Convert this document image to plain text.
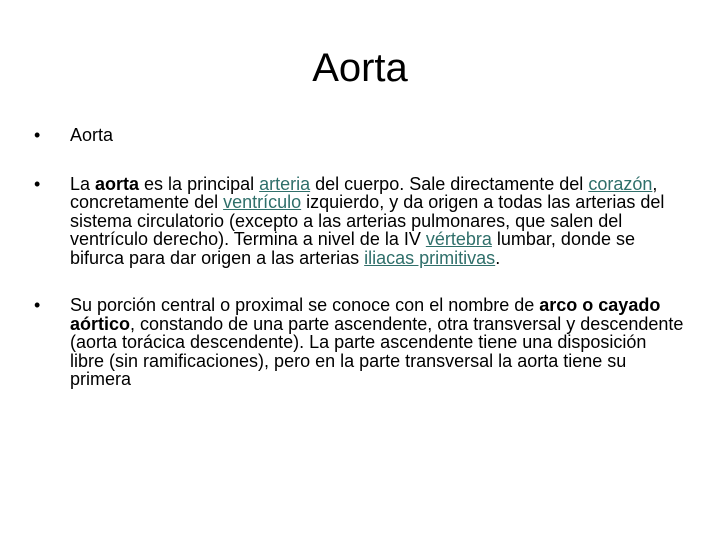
Aorta
•	Aorta
•	La aorta es la principal arteria del cuerpo. Sale directamente del corazón, concretamente del ventrículo izquierdo, y da origen a todas las arterias del sistema circulatorio (excepto a las arterias pulmonares, que salen del ventrículo derecho). Termina a nivel de la IV vértebra lumbar, donde se bifurca para dar origen a las arterias iliacas primitivas.
•	Su porción central o proximal se conoce con el nombre de arco o cayado aórtico, constando de una parte ascendente, otra transversal y descendente (aorta torácica descendente). La parte ascendente tiene una disposición libre (sin ramificaciones), pero en la parte transversal la aorta tiene su primera
